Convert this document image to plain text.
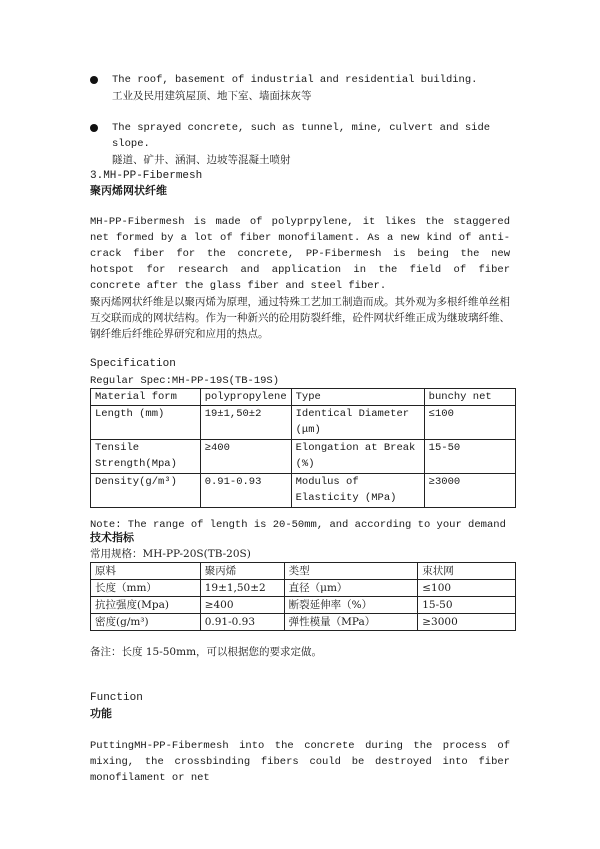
The roof, basement of industrial and residential building.
工业及民用建筑屋顶、地下室、墙面抹灰等
The sprayed concrete, such as tunnel, mine, culvert and side slope.
隧道、矿井、涵洞、边坡等混凝土喷射
3.MH-PP-Fibermesh
聚丙烯网状纤维
MH-PP-Fibermesh is made of polyprpylene, it likes the staggered net formed by a lot of fiber monofilament. As a new kind of anti-crack fiber for the concrete, PP-Fibermesh is being the new hotspot for research and application in the field of fiber concrete after the glass fiber and steel fiber.
聚丙烯网状纤维是以聚丙烯为原理，通过特殊工艺加工制造而成。其外观为多根纤维单丝相互交联而成的网状结构。作为一种新兴的砼用防裂纤维，砼件网状纤维正成为继玻璃纤维、钢纤维后纤维砼界研究和应用的热点。
Specification
Regular Spec:MH-PP-19S(TB-19S)
Material form	polypropylene	Type	bunchy net
Length (mm)	19±1,50±2	Identical Diameter (μm)	≤100
Tensile Strength(Mpa)	≥400	Elongation at Break (%)	15-50
Density(g/m³)	0.91-0.93	Modulus of Elasticity (MPa)	≥3000
Note: The range of length is 20-50mm, and according to your demand
技术指标
常用规格：MH-PP-20S(TB-20S)
原料	聚丙烯	类型	束状网
长度（mm）	19±1,50±2	直径（μm）	≤100
抗拉强度(Mpa)	≥400	断裂延伸率（%）	15-50
密度(g/m³)	0.91-0.93	弹性模量（MPa）	≥3000
备注：长度 15-50mm，可以根据您的要求定做。
Function
功能
PuttingMH-PP-Fibermesh into the concrete during the process of mixing, the crossbinding fibers could be destroyed into fiber monofilament or net
